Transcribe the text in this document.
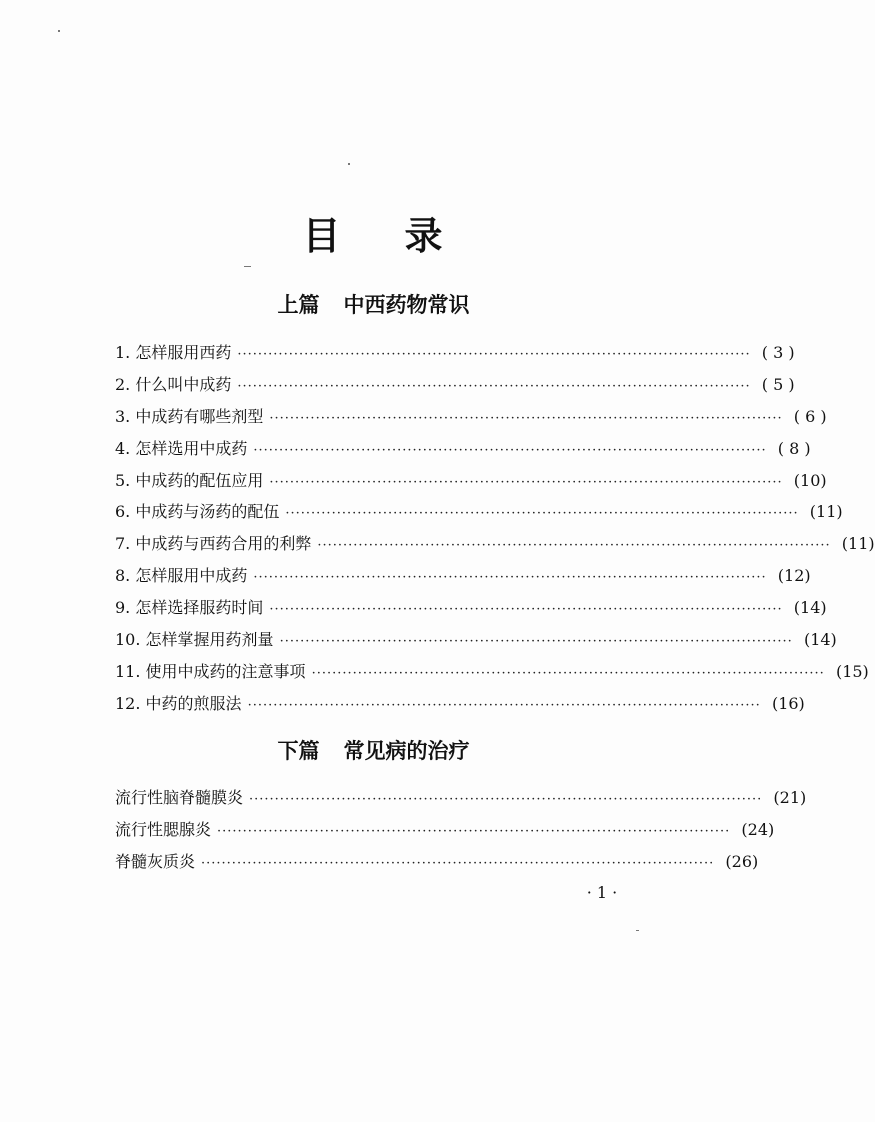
目 录
上篇 中西药物常识
1.
怎样服用西药 ···································································································· ( 3 )
2.
什么叫中成药 ···································································································· ( 5 )
3.
中成药有哪些剂型 ···································································································· ( 6 )
4.
怎样选用中成药 ···································································································· ( 8 )
5.
中成药的配伍应用 ···································································································· (10)
6.
中成药与汤药的配伍 ···································································································· (11)
7.
中成药与西药合用的利弊 ···································································································· (11)
8.
怎样服用中成药 ···································································································· (12)
9.
怎样选择服药时间 ···································································································· (14)
10.
怎样掌握用药剂量 ···································································································· (14)
11.
使用中成药的注意事项 ···································································································· (15)
12.
中药的煎服法 ···································································································· (16)
下篇 常见病的治疗
流行性脑脊髓膜炎 ···································································································· (21)
流行性腮腺炎 ···································································································· (24)
脊髓灰质炎 ···································································································· (26)
· 1 ·
